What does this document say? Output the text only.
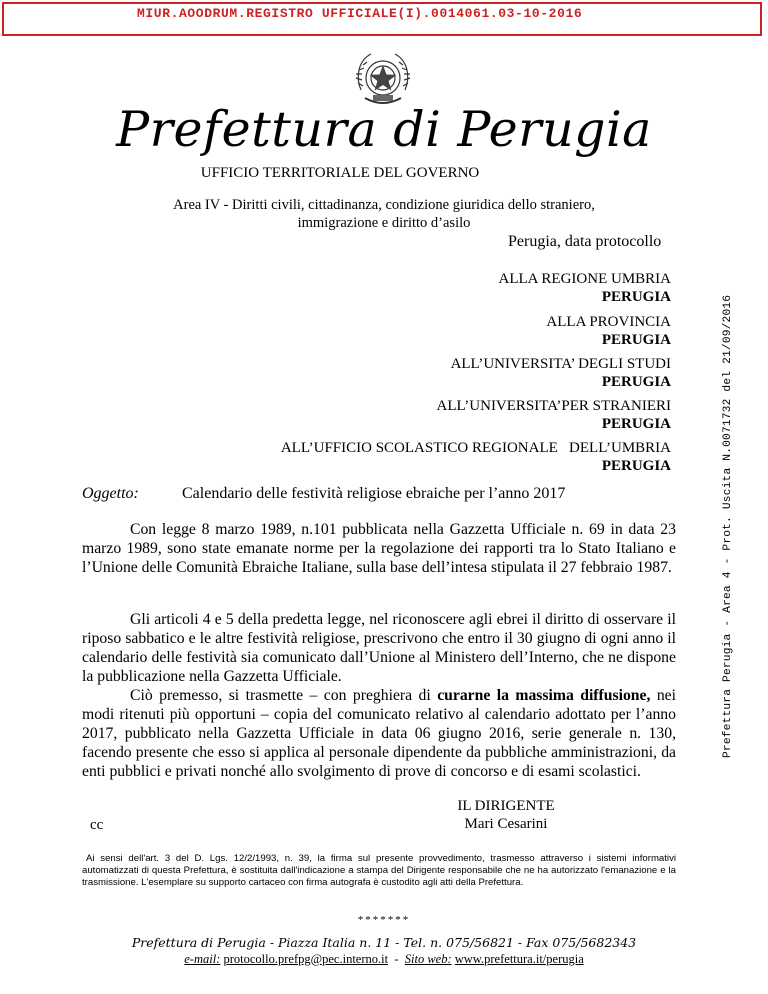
MIUR.AOODRUM.REGISTRO UFFICIALE(I).0014061.03-10-2016
Prefettura di Perugia
UFFICIO TERRITORIALE DEL GOVERNO
Area IV - Diritti civili, cittadinanza, condizione giuridica dello straniero,
immigrazione e diritto d’asilo
Perugia, data protocollo
Prefettura Perugia - Area 4 - Prot. Uscita N.0071732 del 21/09/2016
ALLA REGIONE UMBRIA
PERUGIA
ALLA PROVINCIA
PERUGIA
ALL’UNIVERSITA’ DEGLI STUDI
PERUGIA
ALL’UNIVERSITA’PER STRANIERI
PERUGIA
ALL’UFFICIO SCOLASTICO REGIONALE   DELL’UMBRIA
PERUGIA
Oggetto:	Calendario delle festività religiose ebraiche per l’anno 2017
Con legge 8 marzo 1989, n.101 pubblicata nella Gazzetta Ufficiale n. 69 in data 23 marzo 1989, sono state emanate norme per la regolazione dei rapporti tra lo Stato Italiano e l’Unione delle Comunità Ebraiche Italiane, sulla base dell’intesa stipulata il 27 febbraio 1987.
Gli articoli 4 e 5 della predetta legge, nel riconoscere agli ebrei il diritto di osservare il riposo sabbatico e le altre festività religiose, prescrivono che entro il 30 giugno di ogni anno il calendario delle festività sia comunicato dall’Unione al Ministero dell’Interno, che ne dispone la pubblicazione nella Gazzetta Ufficiale.
Ciò premesso, si trasmette – con preghiera di curarne la massima diffusione, nei modi ritenuti più opportuni – copia del comunicato relativo al calendario adottato per l’anno 2017, pubblicato nella Gazzetta Ufficiale in data 06 giugno 2016, serie generale n. 130, facendo presente che esso si applica al personale dipendente da pubbliche amministrazioni, da enti pubblici e privati nonché allo svolgimento di prove di concorso e di esami scolastici.
IL DIRIGENTE
Mari Cesarini
cc
Ai sensi dell'art. 3 del D. Lgs. 12/2/1993, n. 39, la firma sul presente provvedimento, trasmesso attraverso i sistemi informativi automatizzati di questa Prefettura, è sostituita dall'indicazione a stampa del Dirigente responsabile che ne ha autorizzato l'emanazione e la trasmissione. L'esemplare su supporto cartaceo con firma autografa è custodito agli atti della Prefettura.
*******
Prefettura di Perugia - Piazza Italia n. 11 - Tel. n. 075/56821 - Fax 075/5682343
e-mail: protocollo.prefpg@pec.interno.it  -  Sito web: www.prefettura.it/perugia
